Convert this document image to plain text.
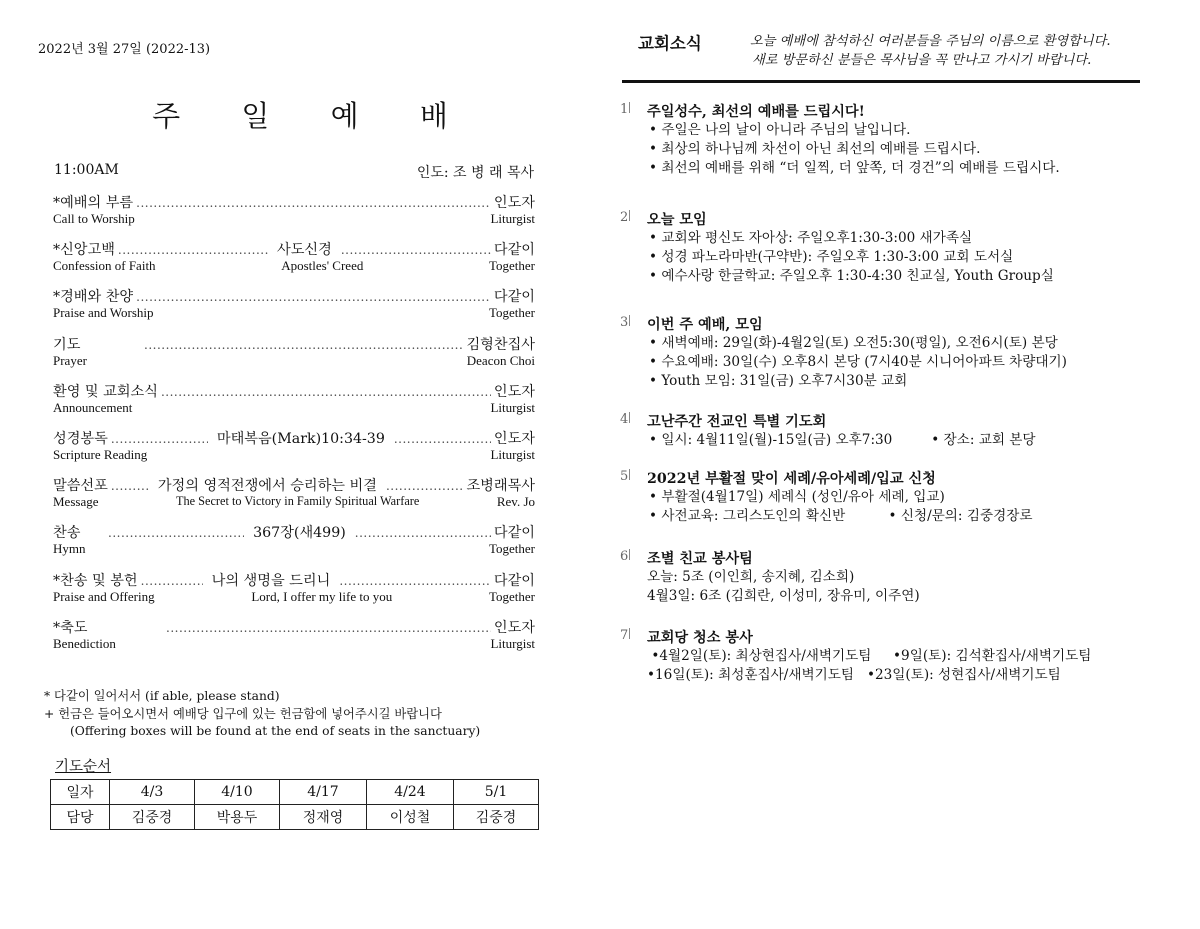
2022년 3월 27일 (2022-13)
주 일 예 배
11:00AM	인도: 조 병 래 목사
*예배의 부름 .....	인도자
Call to Worship	Liturgist
*신앙고백 .....	사도신경 .....	다같이
Confession of Faith	Apostles' Creed	Together
*경배와 찬양 .....	다같이
Praise and Worship	Together
기도 .....	김형찬집사
Prayer	Deacon Choi
환영 및 교회소식 .....	인도자
Announcement	Liturgist
성경봉독 .....	마태복음(Mark)10:34-39 .....	인도자
Scripture Reading	Liturgist
말씀선포 .....	가정의 영적전쟁에서 승리하는 비결 .....	조병래목사
Message	The Secret to Victory in Family Spiritual Warfare	Rev. Jo
찬송 .....	367장(새499) .....	다같이
Hymn	Together
*찬송 및 봉헌 .....	나의 생명을 드리니 .....	다같이
Praise and Offering	Lord, I offer my life to you	Together
*축도 .....	인도자
Benediction	Liturgist
* 다같이 일어서서 (if able, please stand)
+ 헌금은 들어오시면서 예배당 입구에 있는 헌금함에 넣어주시길 바랍니다
(Offering boxes will be found at the end of seats in the sanctuary)
기도순서
일자	4/3	4/10	4/17	4/24	5/1
담당	김중경	박용두	정재영	이성철	김중경
교회소식	오늘 예배에 참석하신 여러분들을 주님의 이름으로 환영합니다.
새로 방문하신 분들은 목사님을 꼭 만나고 가시기 바랍니다.
1 주일성수, 최선의 예배를 드립시다!
• 주일은 나의 날이 아니라 주님의 날입니다.
• 최상의 하나님께 차선이 아닌 최선의 예배를 드립시다.
• 최선의 예배를 위해 “더 일찍, 더 앞쪽, 더 경건”의 예배를 드립시다.
2 오늘 모임
• 교회와 평신도 자아상: 주일오후1:30-3:00 새가족실
• 성경 파노라마반(구약반): 주일오후 1:30-3:00 교회 도서실
• 예수사랑 한글학교: 주일오후 1:30-4:30 친교실, Youth Group실
3 이번 주 예배, 모임
• 새벽예배: 29일(화)-4월2일(토) 오전5:30(평일), 오전6시(토) 본당
• 수요예배: 30일(수) 오후8시 본당 (7시40분 시니어아파트 차량대기)
• Youth 모임: 31일(금) 오후7시30분 교회
4 고난주간 전교인 특별 기도회
• 일시: 4월11일(월)-15일(금) 오후7:30         • 장소: 교회 본당
5 2022년 부활절 맞이 세례/유아세례/입교 신청
• 부활절(4월17일) 세례식 (성인/유아 세례, 입교)
• 사전교육: 그리스도인의 확신반          • 신청/문의: 김중경장로
6 조별 친교 봉사팀
오늘: 5조 (이인희, 송지혜, 김소희)
4월3일: 6조 (김희란, 이성미, 장유미, 이주연)
7 교회당 청소 봉사
•4월2일(토): 최상현집사/새벽기도팀     •9일(토): 김석환집사/새벽기도팀
•16일(토): 최성훈집사/새벽기도팀   •23일(토): 성현집사/새벽기도팀
